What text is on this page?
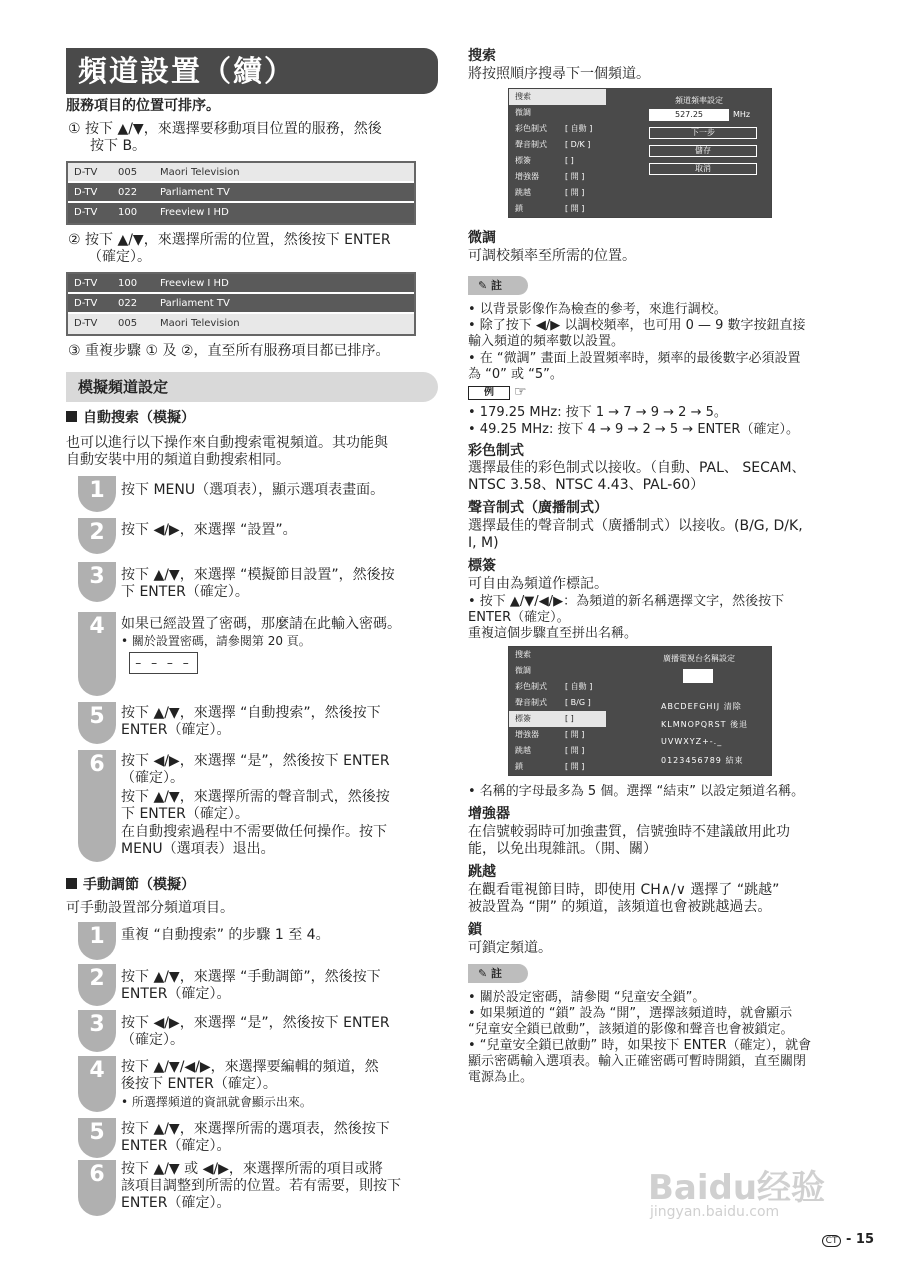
頻道設置（續）
服務項目的位置可排序。
① 按下 ▲/▼，來選擇要移動項目位置的服務，然後
按下 B。
D-TV 005 Maori Television
D-TV 022 Parliament TV
D-TV 100 Freeview I HD
② 按下 ▲/▼，來選擇所需的位置，然後按下 ENTER
（確定）。
D-TV 100 Freeview I HD
D-TV 022 Parliament TV
D-TV 005 Maori Television
③ 重複步驟 ① 及 ②，直至所有服務項目都已排序。
模擬頻道設定
自動搜索（模擬）
也可以進行以下操作來自動搜索電視頻道。其功能與
自動安裝中用的頻道自動搜索相同。
1	按下 MENU（選項表），顯示選項表畫面。
2	按下 ◀/▶，來選擇 “設置”。
3	按下 ▲/▼，來選擇 “模擬節目設置”，然後按
下 ENTER（確定）。
4	如果已經設置了密碼，那麼請在此輸入密碼。
• 關於設置密碼，請參閱第 20 頁。
– – – –
5	按下 ▲/▼，來選擇 “自動搜索”，然後按下
ENTER（確定）。
6	按下 ◀/▶，來選擇 “是”，然後按下 ENTER
（確定）。
按下 ▲/▼，來選擇所需的聲音制式，然後按
下 ENTER（確定）。
在自動搜索過程中不需要做任何操作。按下
MENU（選項表）退出。
手動調節（模擬）
可手動設置部分頻道項目。
1	重複 “自動搜索” 的步驟 1 至 4。
2	按下 ▲/▼，來選擇 “手動調節”，然後按下
ENTER（確定）。
3	按下 ◀/▶，來選擇 “是”，然後按下 ENTER
（確定）。
4	按下 ▲/▼/◀/▶，來選擇要編輯的頻道，然
後按下 ENTER（確定）。
• 所選擇頻道的資訊就會顯示出來。
5	按下 ▲/▼，來選擇所需的選項表，然後按下
ENTER（確定）。
6	按下 ▲/▼ 或 ◀/▶，來選擇所需的項目或將
該項目調整到所需的位置。若有需要，則按下
ENTER（確定）。
搜索
將按照順序搜尋下一個頻道。
搜索
微調
彩色制式 [ 自動 ]
聲音制式 [ D/K ]
標簽	[ ]
增強器	[ 開 ]
跳越	[ 開 ]
鎖	[ 開 ]
頻道頻率設定
527.25	MHz
下一步
儲存
取消
微調
可調校頻率至所需的位置。
✎ 註
• 以背景影像作為檢查的參考，來進行調校。
• 除了按下 ◀/▶ 以調校頻率，也可用 0 — 9 數字按鈕直接
輸入頻道的頻率數以設置。
• 在 “微調” 畫面上設置頻率時，頻率的最後數字必須設置
為 “0” 或 “5”。
例	☞
• 179.25 MHz: 按下 1 → 7 → 9 → 2 → 5。
• 49.25 MHz: 按下 4 → 9 → 2 → 5 → ENTER（確定）。
彩色制式
選擇最佳的彩色制式以接收。（自動、PAL、 SECAM、
NTSC 3.58、NTSC 4.43、PAL-60）
聲音制式（廣播制式）
選擇最佳的聲音制式（廣播制式）以接收。(B/G, D/K,
I, M)
標簽
可自由為頻道作標記。
• 按下 ▲/▼/◀/▶：為頻道的新名稱選擇文字，然後按下
ENTER（確定）。
重複這個步驟直至拼出名稱。
搜索
微調
彩色制式 [ 自動 ]
聲音制式 [ B/G ]
標簽	[ ]
增強器	[ 開 ]
跳越	[ 開 ]
鎖	[ 開 ]
廣播電視台名稱設定
ABCDEFGHIJ 清除
KLMNOPQRST 後退
UVWXYZ+-._
0123456789 結束
• 名稱的字母最多為 5 個。選擇 “結束” 以設定頻道名稱。
增強器
在信號較弱時可加強畫質，信號強時不建議啟用此功
能，以免出現雜訊。（開、關）
跳越
在觀看電視節目時，即使用 CH∧/∨ 選擇了 “跳越”
被設置為 “開” 的頻道，該頻道也會被跳越過去。
鎖
可鎖定頻道。
✎ 註
• 關於設定密碼，請參閱 “兒童安全鎖”。
• 如果頻道的 “鎖” 設為 “開”，選擇該頻道時，就會顯示
“兒童安全鎖已啟動”，該頻道的影像和聲音也會被鎖定。
• “兒童安全鎖已啟動” 時，如果按下 ENTER（確定），就會
顯示密碼輸入選項表。輸入正確密碼可暫時開鎖，直至關閉
電源為止。
Baidu经验
jingyan.baidu.com
CT - 15
